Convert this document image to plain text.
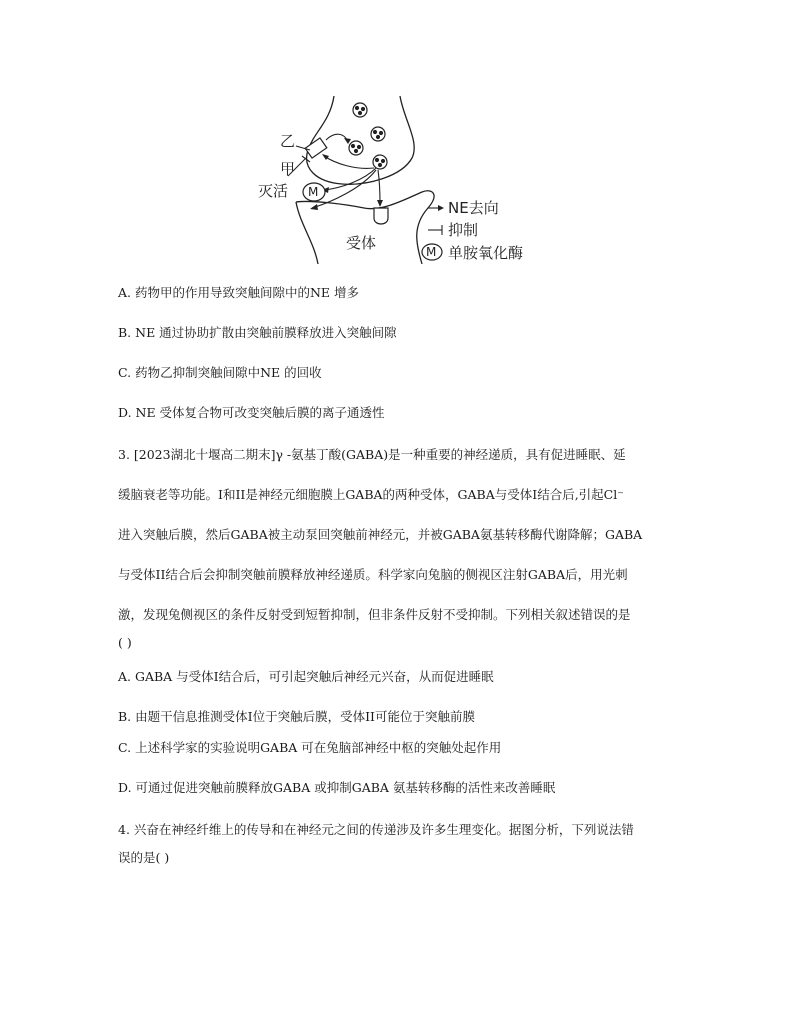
M
乙
甲
灭活
受体
NE去向
抑制
M 单胺氧化酶
A. 药物甲的作用导致突触间隙中的NE 增多
B. NE 通过协助扩散由突触前膜释放进入突触间隙
C. 药物乙抑制突触间隙中NE 的回收
D. NE 受体复合物可改变突触后膜的离子通透性
3. [2023湖北十堰高二期末]γ -氨基丁酸(GABA)是一种重要的神经递质，具有促进睡眠、延
缓脑衰老等功能。I和II是神经元细胞膜上GABA的两种受体，GABA与受体I结合后,引起Cl⁻
进入突触后膜，然后GABA被主动泵回突触前神经元，并被GABA氨基转移酶代谢降解；GABA
与受体II结合后会抑制突触前膜释放神经递质。科学家向兔脑的侧视区注射GABA后，用光刺
激，发现兔侧视区的条件反射受到短暂抑制，但非条件反射不受抑制。下列相关叙述错误的是
( )
A. GABA 与受体I结合后，可引起突触后神经元兴奋，从而促进睡眠
B. 由题干信息推测受体I位于突触后膜，受体II可能位于突触前膜
C. 上述科学家的实验说明GABA 可在兔脑部神经中枢的突触处起作用
D. 可通过促进突触前膜释放GABA 或抑制GABA 氨基转移酶的活性来改善睡眠
4. 兴奋在神经纤维上的传导和在神经元之间的传递涉及许多生理变化。据图分析，下列说法错
误的是( )
